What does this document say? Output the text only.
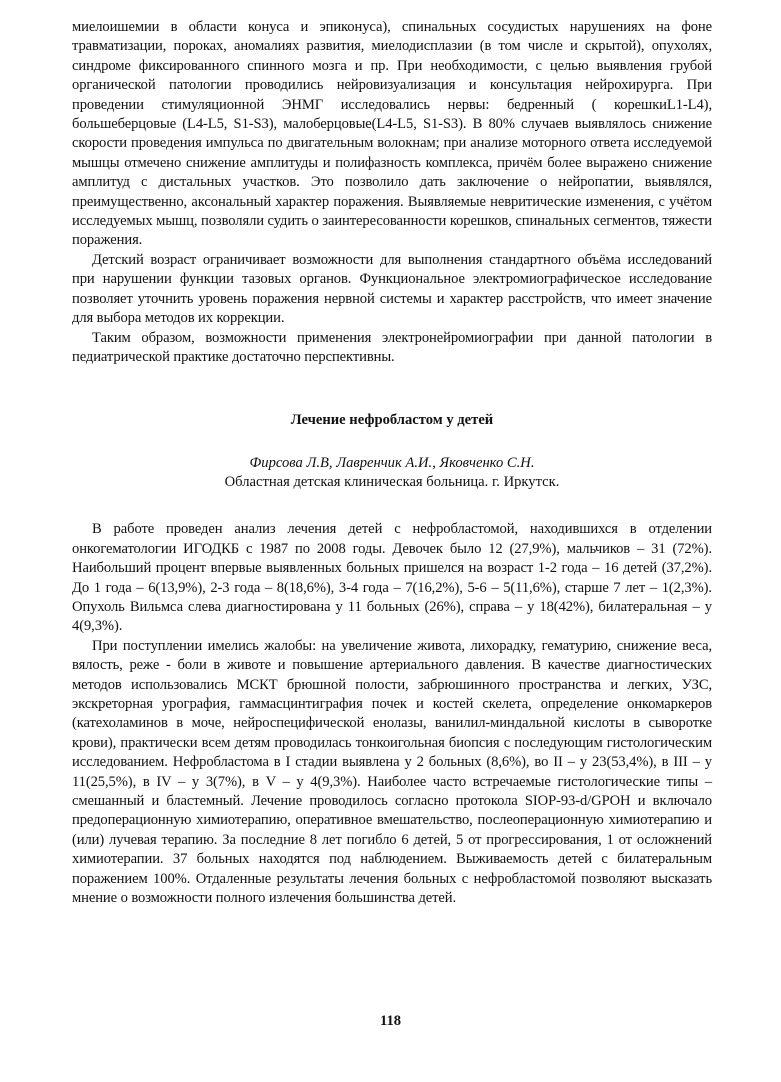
миелоишемии в области конуса и эпиконуса), спинальных сосудистых нарушениях на фоне травматизации, пороках, аномалиях развития, миелодисплазии (в том числе и скрытой), опухолях, синдроме фиксированного спинного мозга и пр. При необходимости, с целью выявления грубой органической патологии проводились нейровизуализация и консультация нейрохирурга. При проведении стимуляционной ЭНМГ исследовались нервы: бедренный ( корешкиL1-L4), большеберцовые (L4-L5, S1-S3), малоберцовые(L4-L5, S1-S3). В 80% случаев выявлялось снижение скорости проведения импульса по двигательным волокнам; при анализе моторного ответа исследуемой мышцы отмечено снижение амплитуды и полифазность комплекса, причём более выражено снижение амплитуд с дистальных участков. Это позволило дать заключение о нейропатии, выявлялся, преимущественно, аксональный характер поражения. Выявляемые невритические изменения, с учётом исследуемых мышц, позволяли судить о заинтересованности корешков, спинальных сегментов, тяжести поражения.

Детский возраст ограничивает возможности для выполнения стандартного объёма исследований при нарушении функции тазовых органов. Функциональное электромиографическое исследование позволяет уточнить уровень поражения нервной системы и характер расстройств, что имеет значение для выбора методов их коррекции.

Таким образом, возможности применения электронейромиографии при данной патологии в педиатрической практике достаточно перспективны.

Лечение нефробластом у детей
Фирсова Л.В, Лавренчик А.И., Яковченко С.Н.
Областная детская клиническая больница. г. Иркутск.

В работе проведен анализ лечения детей с нефробластомой, находившихся в отделении онкогематологии ИГОДКБ с 1987 по 2008 годы. Девочек было 12 (27,9%), мальчиков – 31 (72%). Наибольший процент впервые выявленных больных пришелся на возраст 1-2 года – 16 детей (37,2%). До 1 года – 6(13,9%), 2-3 года – 8(18,6%), 3-4 года – 7(16,2%), 5-6 – 5(11,6%), старше 7 лет – 1(2,3%). Опухоль Вильмса слева диагностирована у 11 больных (26%), справа – у 18(42%), билатеральная – у 4(9,3%).

При поступлении имелись жалобы: на увеличение живота, лихорадку, гематурию, снижение веса, вялость, реже - боли в животе и повышение артериального давления. В качестве диагностических методов использовались МСКТ брюшной полости, забрюшинного пространства и легких, УЗС, экскреторная урография, гаммасцинтиграфия почек и костей скелета, определение онкомаркеров (катехоламинов в моче, нейроспецифической енолазы, ванилил-миндальной кислоты в сыворотке крови), практически всем детям проводилась тонкоигольная биопсия с последующим гистологическим исследованием. Нефробластома в I стадии выявлена у 2 больных (8,6%), во II – у 23(53,4%), в III – у 11(25,5%), в IV – у 3(7%), в V – у 4(9,3%). Наиболее часто встречаемые гистологические типы – смешанный и бластемный. Лечение проводилось согласно протокола SIOP-93-d/GPOH и включало предоперационную химиотерапию, оперативное вмешательство, послеоперационную химиотерапию и (или) лучевая терапию. За последние 8 лет погибло 6 детей, 5 от прогрессирования, 1 от осложнений химиотерапии. 37 больных находятся под наблюдением. Выживаемость детей с билатеральным поражением 100%. Отдаленные результаты лечения больных с нефробластомой позволяют высказать мнение о возможности полного излечения большинства детей.

118
